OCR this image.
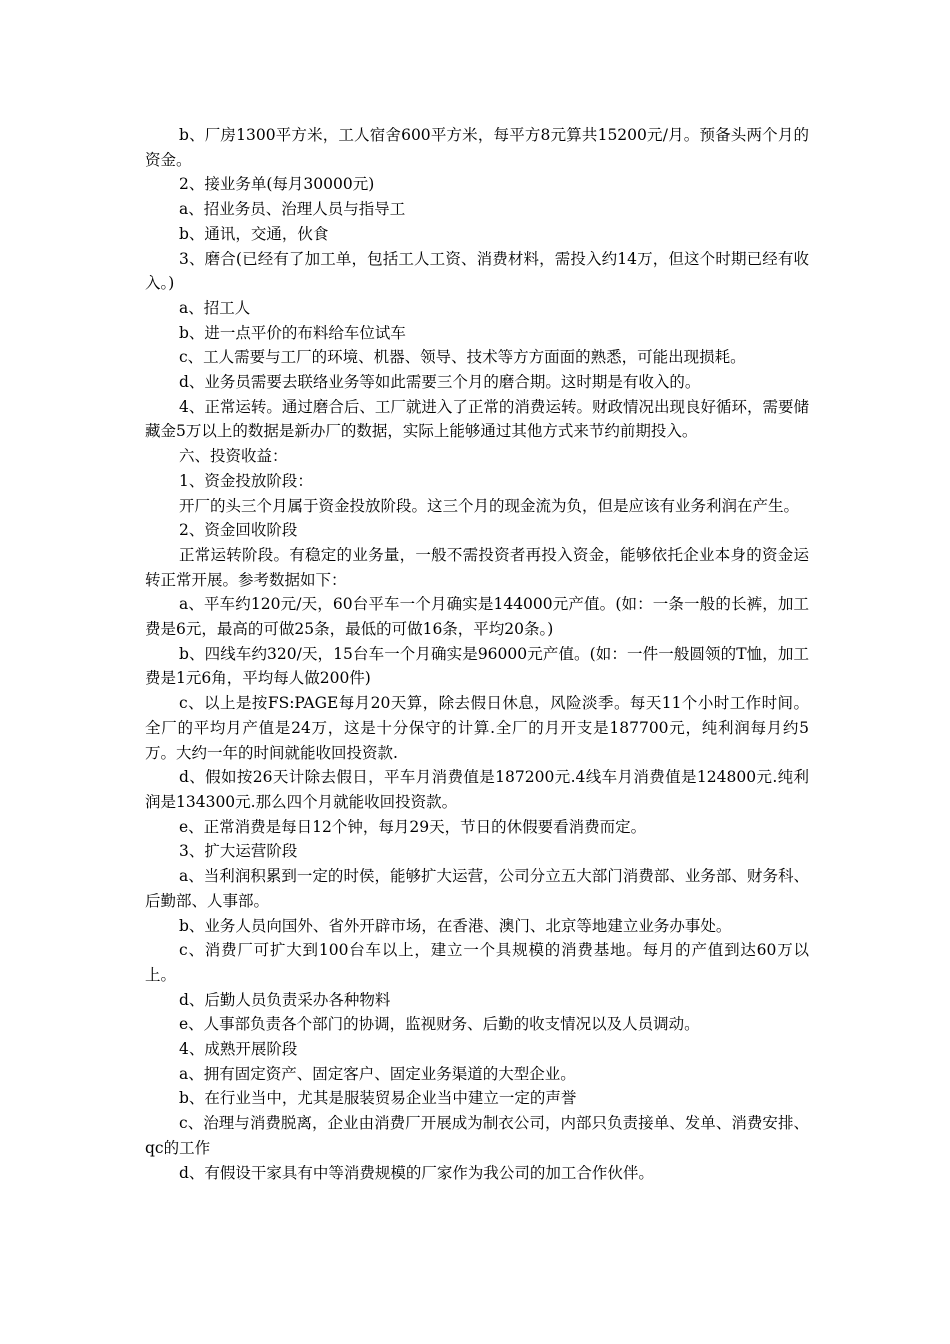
b、厂房1300平方米，工人宿舍600平方米，每平方8元算共15200元/月。预备头两个月的资金。

2、接业务单(每月30000元)

a、招业务员、治理人员与指导工

b、通讯，交通，伙食

3、磨合(已经有了加工单，包括工人工资、消费材料，需投入约14万，但这个时期已经有收入。)

a、招工人

b、进一点平价的布料给车位试车

c、工人需要与工厂的环境、机器、领导、技术等方方面面的熟悉，可能出现损耗。

d、业务员需要去联络业务等如此需要三个月的磨合期。这时期是有收入的。

4、正常运转。通过磨合后、工厂就进入了正常的消费运转。财政情况出现良好循环，需要储藏金5万以上的数据是新办厂的数据，实际上能够通过其他方式来节约前期投入。

六、投资收益：

1、资金投放阶段：

开厂的头三个月属于资金投放阶段。这三个月的现金流为负，但是应该有业务利润在产生。

2、资金回收阶段

正常运转阶段。有稳定的业务量，一般不需投资者再投入资金，能够依托企业本身的资金运转正常开展。参考数据如下：

a、平车约120元/天，60台平车一个月确实是144000元产值。(如：一条一般的长裤，加工费是6元，最高的可做25条，最低的可做16条，平均20条。)

b、四线车约320/天，15台车一个月确实是96000元产值。(如：一件一般圆领的T恤，加工费是1元6角，平均每人做200件)

c、以上是按FS:PAGE每月20天算，除去假日休息，风险淡季。每天11个小时工作时间。全厂的平均月产值是24万，这是十分保守的计算.全厂的月开支是187700元，纯利润每月约5万。大约一年的时间就能收回投资款.

d、假如按26天计除去假日，平车月消费值是187200元.4线车月消费值是124800元.纯利润是134300元.那么四个月就能收回投资款。

e、正常消费是每日12个钟，每月29天，节日的休假要看消费而定。

3、扩大运营阶段

a、当利润积累到一定的时侯，能够扩大运营，公司分立五大部门消费部、业务部、财务科、后勤部、人事部。

b、业务人员向国外、省外开辟市场，在香港、澳门、北京等地建立业务办事处。

c、消费厂可扩大到100台车以上，建立一个具规模的消费基地。每月的产值到达60万以上。

d、后勤人员负责采办各种物料

e、人事部负责各个部门的协调，监视财务、后勤的收支情况以及人员调动。

4、成熟开展阶段

a、拥有固定资产、固定客户、固定业务渠道的大型企业。

b、在行业当中，尤其是服装贸易企业当中建立一定的声誉

c、治理与消费脱离，企业由消费厂开展成为制衣公司，内部只负责接单、发单、消费安排、qc的工作

d、有假设干家具有中等消费规模的厂家作为我公司的加工合作伙伴。
